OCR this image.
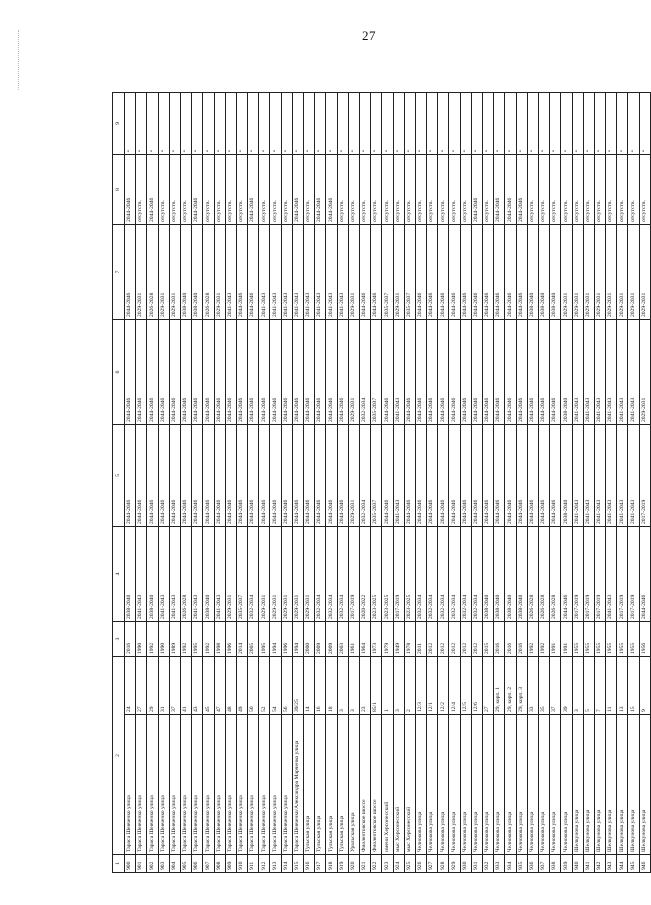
27
1	2		3	4	5	6	7	8	9
900	Тараса Шевченко улица	24	2016	2038-2040	2044-2046	2044-2046	2044-2046	2044-2046	•
901	Тараса Шевченко улица	27	1990	2041-2043	2044-2046	2044-2046	2029-2031	отсутств.	•
902	Тараса Шевченко улица	29	1992	2038-2040	2044-2046	2044-2046	2026-2028	2044-2046	•
903	Тараса Шевченко улица	31	1990	2041-2043	2044-2046	2044-2046	2029-2031	отсутств.	•
904	Тараса Шевченко улица	37	1989	2041-2043	2044-2046	2044-2046	2029-2031	отсутств.	•
905	Тараса Шевченко улица	41	1992	2026-2028	2044-2046	2044-2046	2038-2040	отсутств.	•
906	Тараса Шевченко улица	43	1995	2041-2043	2044-2046	2044-2046	2038-2040	2044-2046	•
907	Тараса Шевченко улица	45	1992	2038-2040	2044-2046	2044-2046	2026-2028	отсутств.	•
908	Тараса Шевченко улица	47	1998	2041-2043	2044-2046	2044-2046	2029-2031	отсутств.	•
909	Тараса Шевченко улица	48	1996	2029-2031	2044-2046	2044-2046	2041-2043	отсутств.	•
910	Тараса Шевченко улица	49	2014	2035-2037	2044-2046	2044-2046	2044-2046	отсутств.	•
911	Тараса Шевченко улица	50	2005	2032-2034	2044-2046	2044-2046	2044-2046	2044-2046	•
912	Тараса Шевченко улица	52	1995	2029-2031	2044-2046	2044-2046	2041-2043	отсутств.	•
913	Тараса Шевченко улица	54	1994	2029-2031	2044-2046	2044-2046	2041-2043	отсутств.	•
914	Тараса Шевченко улица	56	1996	2029-2031	2044-2046	2044-2046	2041-2043	отсутств.	•
915	Тараса Шевченко/Александра Марченко улица	39/25	1994	2029-2031	2044-2046	2044-2046	2041-2043	2044-2046	•
916	Тульская улица	14	2000	2029-2031	2044-2046	2044-2046	2041-2043	отсутств.	•
917	Тульская улица	16	2009	2032-2034	2044-2046	2044-2046	2041-2043	2044-2046	•
918	Тульская улица	18	2009	2032-2034	2044-2046	2044-2046	2041-2043	2044-2046	•
919	Тульская улица	3	2003	2032-2034	2044-2046	2044-2046	2041-2043	отсутств.	•
920	Уральская улица	3	1961	2017-2019	2029-2031	2029-2031	2029-2031	отсутств.	•
921	Фиолентовское шоссе	23	1964	2020-2022	2032-2034	2032-2034	2044-2046	отсутств.	•
922	Фиолентовское шоссе	85/1	1973	2023-2025	2035-2037	2035-2037	2044-2046	отсутств.	•
923	имени Херсонесский	1	1979	2023-2025	2044-2046	2044-2046	2035-2037	отсутств.	•
924	мыс Херсонесский	3	1949	2017-2019	2041-2043	2041-2043	2029-2031	отсутств.	•
925	мыс Херсонесский	2	1978	2023-2025	2044-2046	2044-2046	2035-2037	отсутств.	•
926	Челнокова улица	12/3	2011	2032-2034	2044-2046	2044-2046	2044-2046	отсутств.	•
927	Челнокова улица	12/1	2012	2032-2034	2044-2046	2044-2046	2044-2046	отсутств.	•
928	Челнокова улица	12/2	2012	2032-2034	2044-2046	2044-2046	2044-2046	отсутств.	•
929	Челнокова улица	12/4	2012	2032-2034	2044-2046	2044-2046	2044-2046	отсутств.	•
930	Челнокова улица	12/5	2012	2032-2034	2044-2046	2044-2046	2044-2046	отсутств.	•
931	Челнокова улица	12/6	2012	2032-2034	2044-2046	2044-2046	2044-2046	2044-2046	•
932	Челнокова улица	27	2015	2038-2040	2044-2046	2044-2046	2044-2046	отсутств.	•
933	Челнокова улица	29, корп. 1	2016	2038-2040	2044-2046	2044-2046	2044-2046	2044-2046	•
934	Челнокова улица	29, корп. 2	2016	2038-2040	2044-2046	2044-2046	2044-2046	2044-2046	•
935	Челнокова улица	29, корп. 3	2016	2038-2040	2044-2046	2044-2046	2044-2046	2044-2046	•
936	Челнокова улица	33	1992	2026-2028	2044-2046	2044-2046	2038-2040	отсутств.	•
937	Челнокова улица	35	1992	2026-2028	2044-2046	2044-2046	2038-2040	отсутств.	•
938	Челнокова улица	37	1991	2026-2028	2044-2046	2044-2046	2038-2040	отсутств.	•
939	Челнокова улица	39	1991	2044-2046	2038-2040	2038-2040	2029-2031	отсутств.	•
940	Шелкунова улица	3	1955	2017-2019	2041-2043	2041-2043	2029-2031	отсутств.	•
941	Шелкунова улица	5	1955	2017-2019	2041-2043	2041-2043	2029-2031	отсутств.	•
942	Шелкунова улица	7	1955	2017-2019	2041-2043	2041-2043	2029-2031	отсутств.	•
943	Шелкунова улица	11	1955	2041-2043	2041-2043	2041-2043	2029-2031	отсутств.	•
944	Шелкунова улица	13	1955	2017-2019	2041-2043	2041-2043	2029-2031	отсутств.	•
945	Шелкунова улица	15	1955	2017-2019	2041-2043	2041-2043	2029-2031	отсутств.	•
946	Шелкунова улица	9	1956	2044-2046	2017-2019	2029-2031	2029-2031	отсутств.	•
